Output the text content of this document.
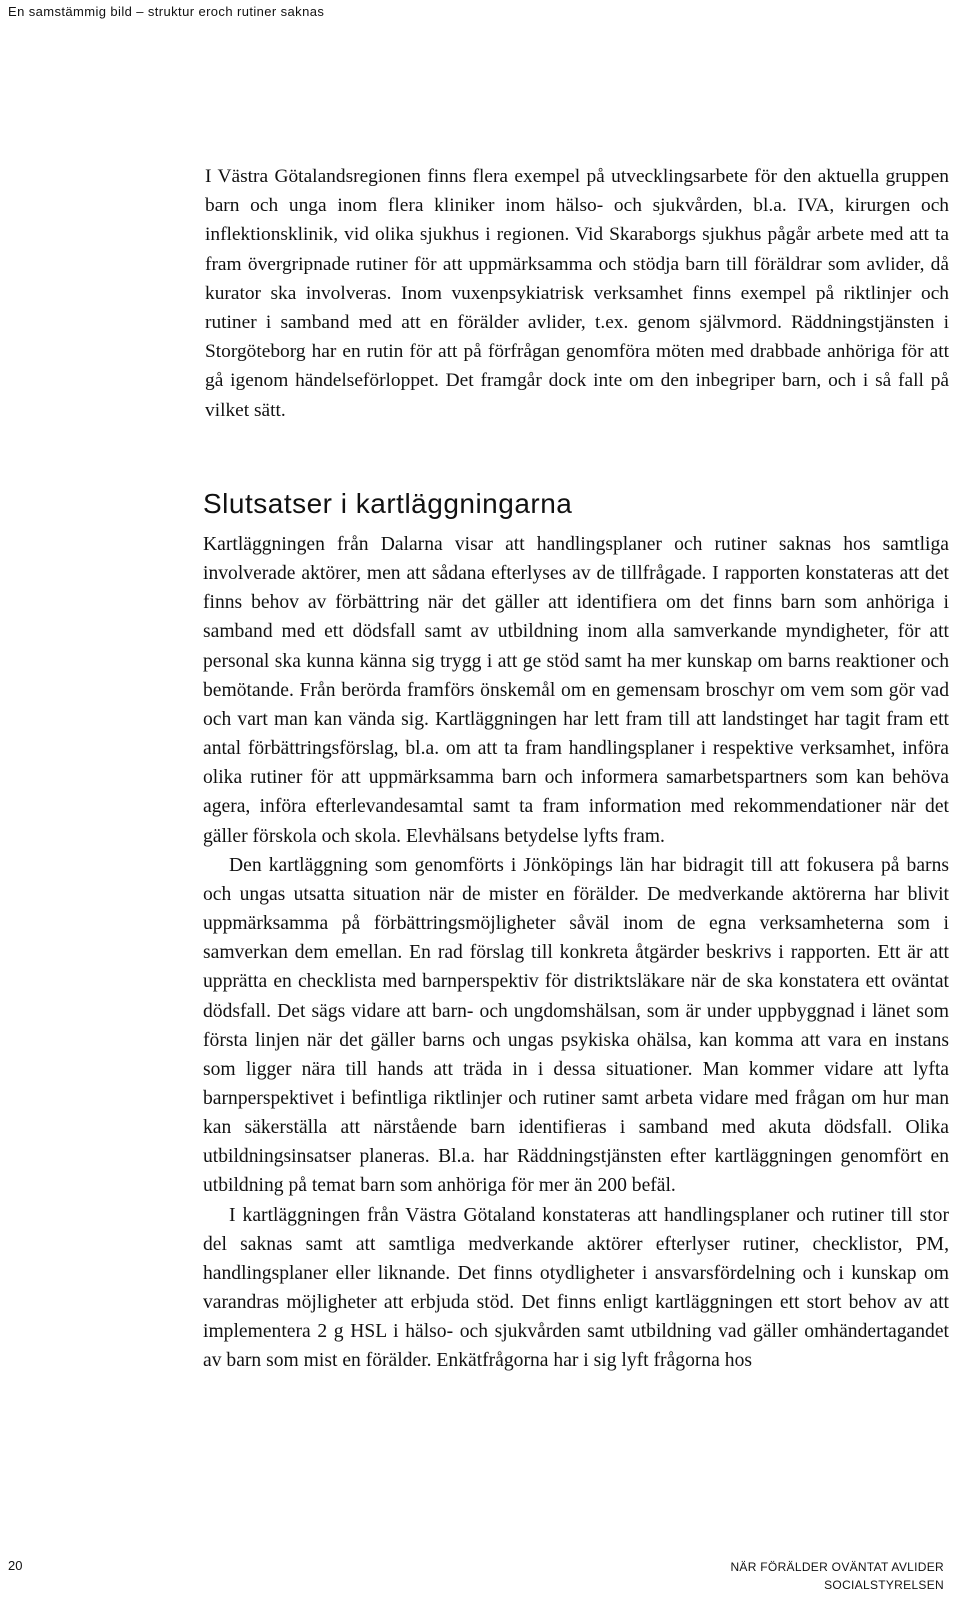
En samstämmig bild – struktur eroch rutiner saknas

I Västra Götalandsregionen finns flera exempel på utvecklingsarbete för den aktuella gruppen barn och unga inom flera kliniker inom hälso- och sjukvården, bl.a. IVA, kirurgen och inflektionsklinik, vid olika sjukhus i regionen. Vid Skaraborgs sjukhus pågår arbete med att ta fram övergripnade rutiner för att uppmärksamma och stödja barn till föräldrar som avlider, då kurator ska involveras. Inom vuxenpsykiatrisk verksamhet finns exempel på riktlinjer och rutiner i samband med att en förälder avlider, t.ex. genom självmord. Räddningstjänsten i Storgöteborg har en rutin för att på förfrågan genomföra möten med drabbade anhöriga för att gå igenom händelseförloppet. Det framgår dock inte om den inbegriper barn, och i så fall på vilket sätt.

Slutsatser i kartläggningarna

Kartläggningen från Dalarna visar att handlingsplaner och rutiner saknas hos samtliga involverade aktörer, men att sådana efterlyses av de tillfrågade. I rapporten konstateras att det finns behov av förbättring när det gäller att identifiera om det finns barn som anhöriga i samband med ett dödsfall samt av utbildning inom alla samverkande myndigheter, för att personal ska kunna känna sig trygg i att ge stöd samt ha mer kunskap om barns reaktioner och bemötande. Från berörda framförs önskemål om en gemensam broschyr om vem som gör vad och vart man kan vända sig. Kartläggningen har lett fram till att landstinget har tagit fram ett antal förbättringsförslag, bl.a. om att ta fram handlingsplaner i respektive verksamhet, införa olika rutiner för att uppmärksamma barn och informera samarbetspartners som kan behöva agera, införa efterlevandesamtal samt ta fram information med rekommendationer när det gäller förskola och skola. Elevhälsans betydelse lyfts fram.

Den kartläggning som genomförts i Jönköpings län har bidragit till att fokusera på barns och ungas utsatta situation när de mister en förälder. De medverkande aktörerna har blivit uppmärksamma på förbättringsmöjligheter såväl inom de egna verksamheterna som i samverkan dem emellan. En rad förslag till konkreta åtgärder beskrivs i rapporten. Ett är att upprätta en checklista med barnperspektiv för distriktsläkare när de ska konstatera ett oväntat dödsfall. Det sägs vidare att barn- och ungdomshälsan, som är under uppbyggnad i länet som första linjen när det gäller barns och ungas psykiska ohälsa, kan komma att vara en instans som ligger nära till hands att träda in i dessa situationer. Man kommer vidare att lyfta barnperspektivet i befintliga riktlinjer och rutiner samt arbeta vidare med frågan om hur man kan säkerställa att närstående barn identifieras i samband med akuta dödsfall. Olika utbildningsinsatser planeras. Bl.a. har Räddningstjänsten efter kartläggningen genomfört en utbildning på temat barn som anhöriga för mer än 200 befäl.

I kartläggningen från Västra Götaland konstateras att handlingsplaner och rutiner till stor del saknas samt att samtliga medverkande aktörer efterlyser rutiner, checklistor, PM, handlingsplaner eller liknande. Det finns otydligheter i ansvarsfördelning och i kunskap om varandras möjligheter att erbjuda stöd. Det finns enligt kartläggningen ett stort behov av att implementera 2 g HSL i hälso- och sjukvården samt utbildning vad gäller omhändertagandet av barn som mist en förälder. Enkätfrågorna har i sig lyft frågorna hos

20	NÄR FÖRÄLDER OVÄNTAT AVLIDER
SOCIALSTYRELSEN
